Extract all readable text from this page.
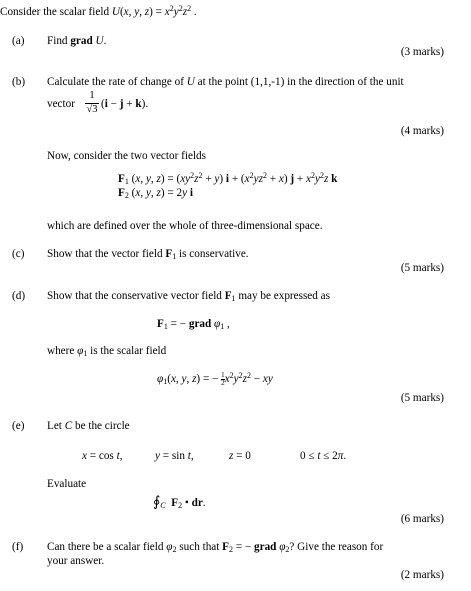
Consider the scalar field U(x, y, $z) = x^2y^2z^2$ .
(a) Find grad U.
(3 marks)
(b) Calculate the rate of change of U at the point (1,1,-1) in the direction of the unit
vector $\frac{1}{√3} (i - j + k)$.
(4 marks)
Now, consider the two vector fields
$F_1$ (x, y, $z) = (xy^2z^2 + y) i + (x^2yz^2 + x) j + x^2y^2z$ k
$F_2$ (x, y, z) = 2y i
which are defined over the whole of three-dimensional space.
(c) Show that the vector field $F_1$ is conservative.
(5 marks)
(d) Show that the conservative vector field $F_1$ may be expressed as
$F_1$ = − grad $\varphi_1$ ,
where $\varphi_1$ is the scalar field
$\varphi_1(x$, y, z) = − $\frac{1}{2} x^2y^2z^2$ − xy
(5 marks)
(e) Let C be the circle
x = cos t,	y = sin t,	z = 0	0 ≤ t ≤ 2π.
Evaluate
$∮_C$ $F_2$ • dr.
(6 marks)
(f) Can there be a scalar field $\varphi_2$ such that $F_2$ = − grad $\varphi_2$? Give the reason for
your answer.
(2 marks)
